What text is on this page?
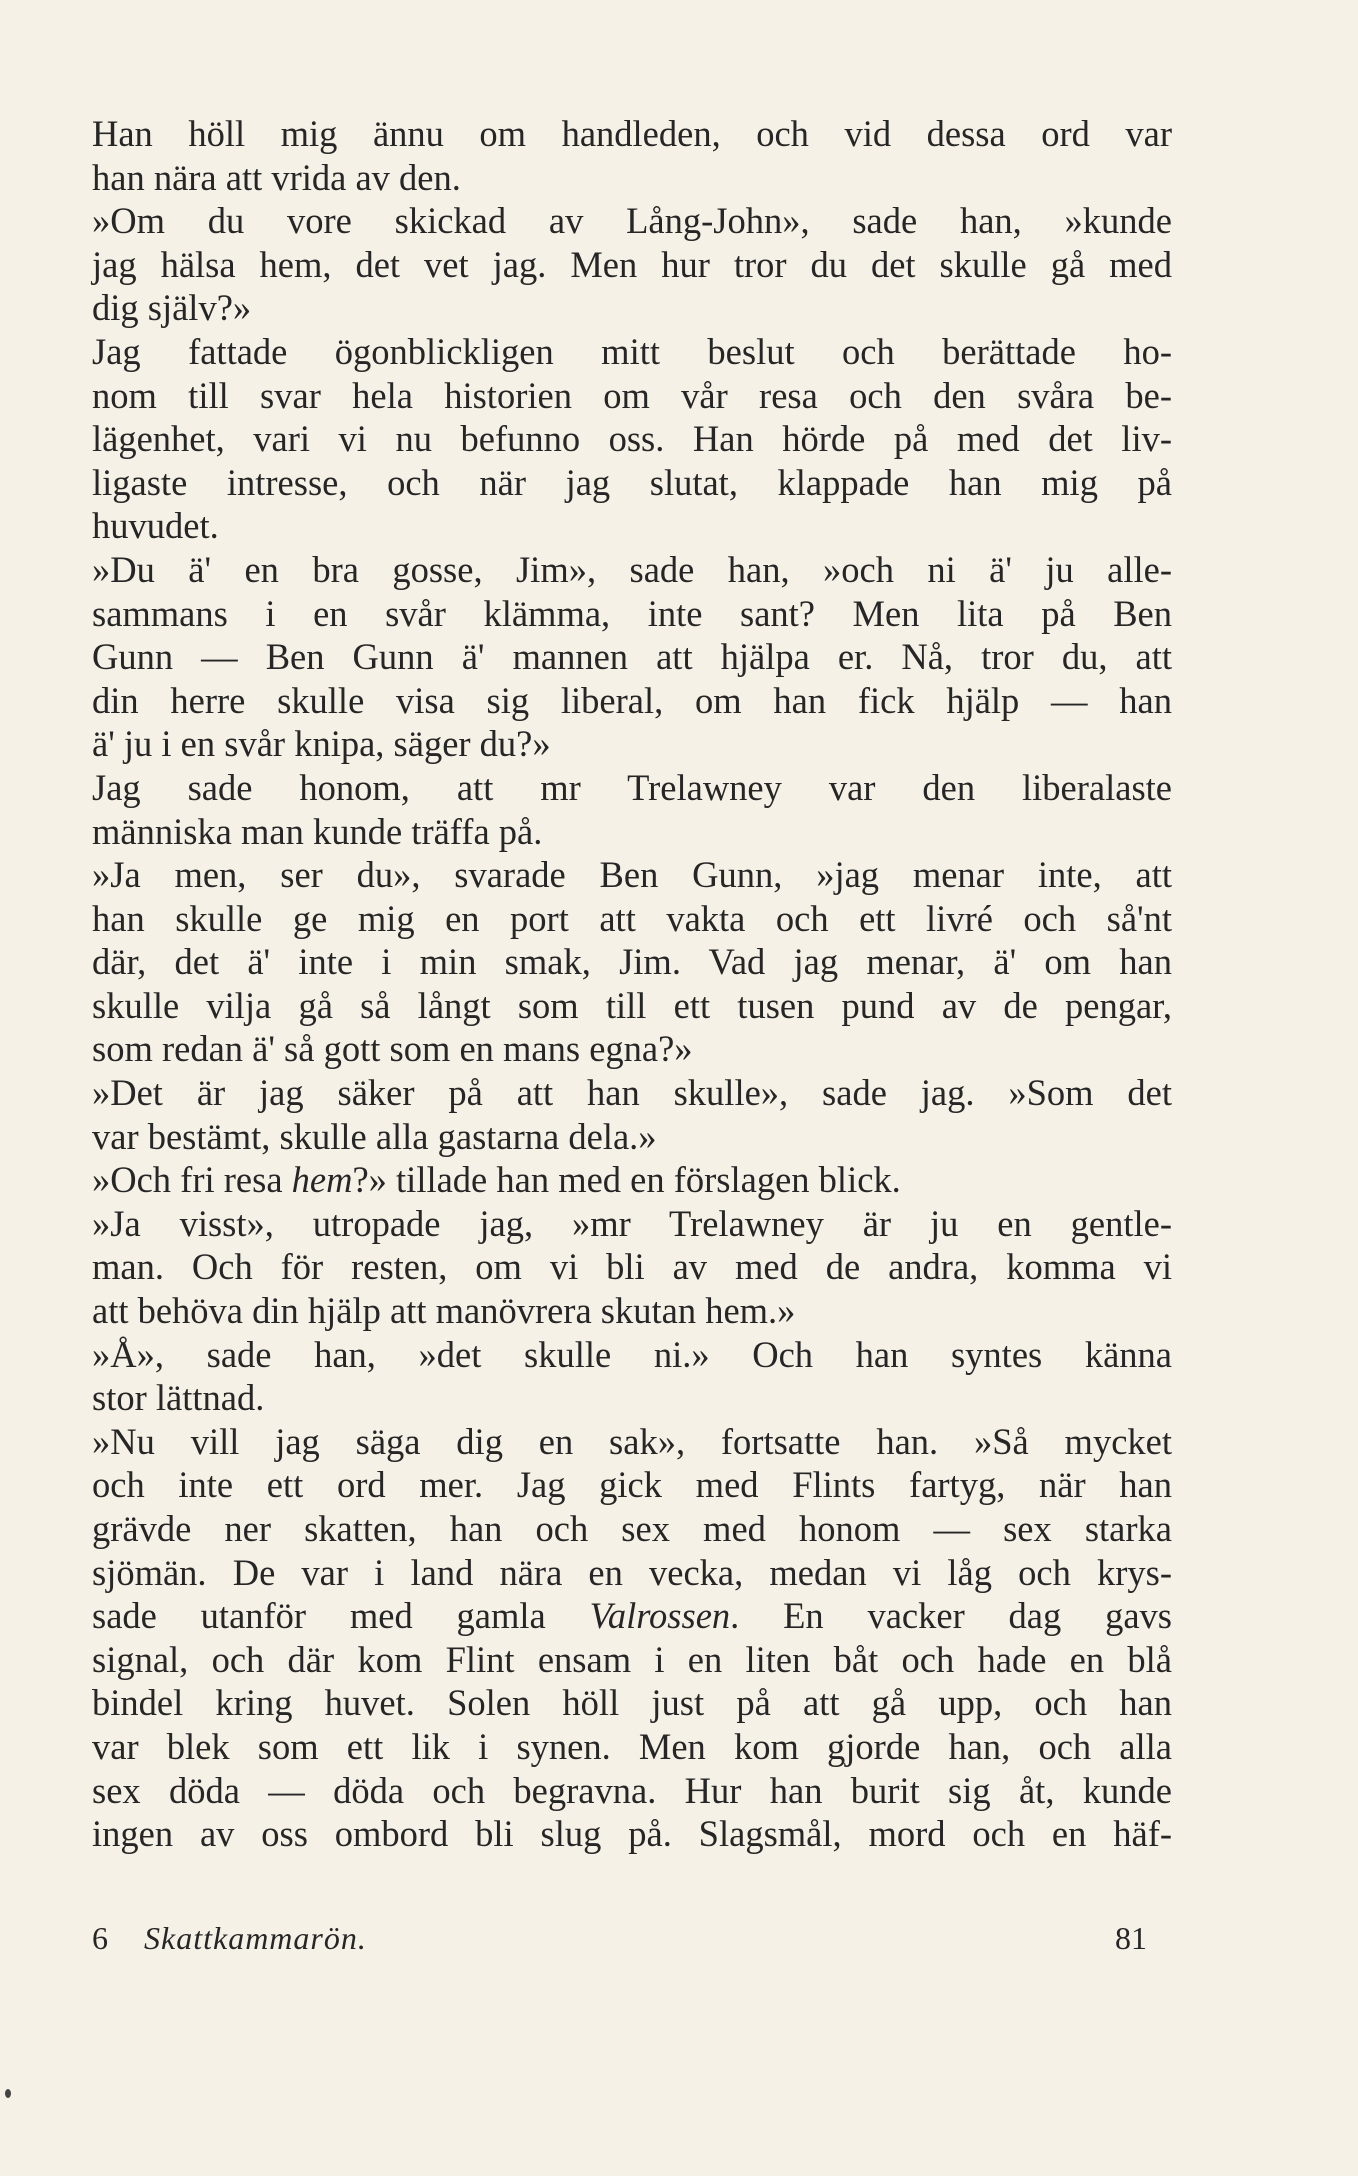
Han höll mig ännu om handleden, och vid dessa ord var
han nära att vrida av den.
»Om du vore skickad av Lång-John», sade han, »kunde
jag hälsa hem, det vet jag. Men hur tror du det skulle gå med
dig själv?»
Jag fattade ögonblickligen mitt beslut och berättade ho-
nom till svar hela historien om vår resa och den svåra be-
lägenhet, vari vi nu befunno oss. Han hörde på med det liv-
ligaste intresse, och när jag slutat, klappade han mig på
huvudet.
»Du ä' en bra gosse, Jim», sade han, »och ni ä' ju alle-
sammans i en svår klämma, inte sant? Men lita på Ben
Gunn — Ben Gunn ä' mannen att hjälpa er. Nå, tror du, att
din herre skulle visa sig liberal, om han fick hjälp — han
ä' ju i en svår knipa, säger du?»
Jag sade honom, att mr Trelawney var den liberalaste
människa man kunde träffa på.
»Ja men, ser du», svarade Ben Gunn, »jag menar inte, att
han skulle ge mig en port att vakta och ett livré och så'nt
där, det ä' inte i min smak, Jim. Vad jag menar, ä' om han
skulle vilja gå så långt som till ett tusen pund av de pengar,
som redan ä' så gott som en mans egna?»
»Det är jag säker på att han skulle», sade jag. »Som det
var bestämt, skulle alla gastarna dela.»
»Och fri resa hem?» tillade han med en förslagen blick.
»Ja visst», utropade jag, »mr Trelawney är ju en gentle-
man. Och för resten, om vi bli av med de andra, komma vi
att behöva din hjälp att manövrera skutan hem.»
»Å», sade han, »det skulle ni.» Och han syntes känna
stor lättnad.
»Nu vill jag säga dig en sak», fortsatte han. »Så mycket
och inte ett ord mer. Jag gick med Flints fartyg, när han
grävde ner skatten, han och sex med honom — sex starka
sjömän. De var i land nära en vecka, medan vi låg och krys-
sade utanför med gamla Valrossen. En vacker dag gavs
signal, och där kom Flint ensam i en liten båt och hade en blå
bindel kring huvet. Solen höll just på att gå upp, och han
var blek som ett lik i synen. Men kom gjorde han, och alla
sex döda — döda och begravna. Hur han burit sig åt, kunde
ingen av oss ombord bli slug på. Slagsmål, mord och en häf-
6 Skattkammarön.	81
